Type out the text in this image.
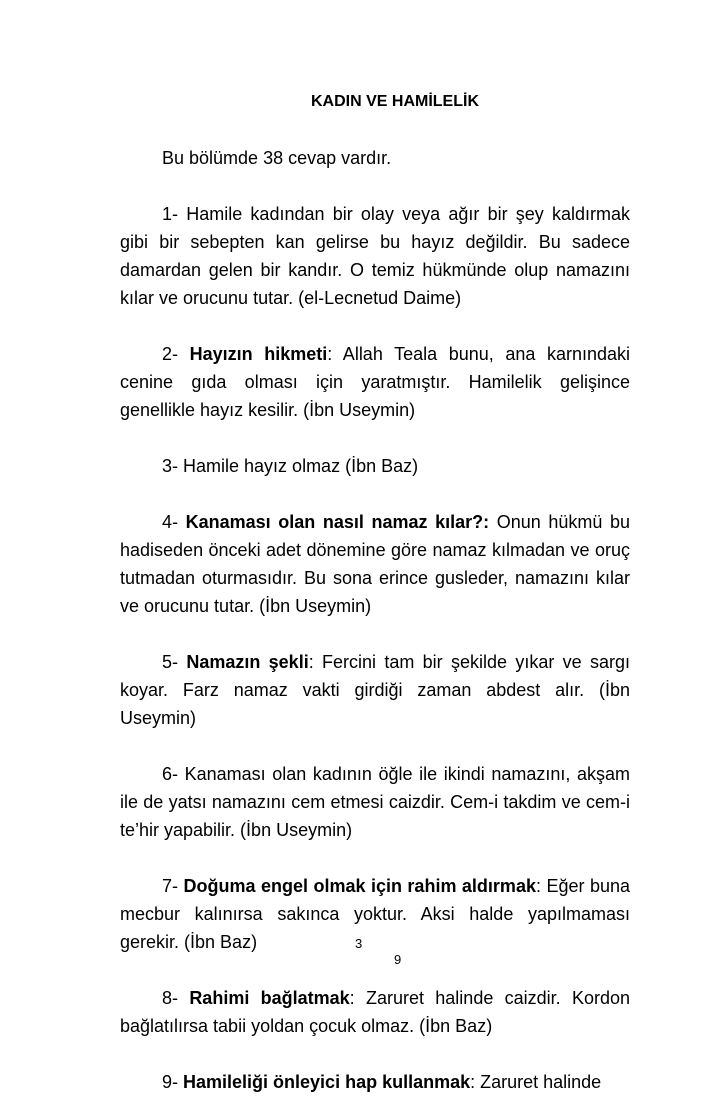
KADIN VE HAMİLELİK

Bu bölümde 38 cevap vardır.

1- Hamile kadından bir olay veya ağır bir şey kaldırmak gibi bir sebepten kan gelirse bu hayız değildir. Bu sadece damardan gelen bir kandır. O temiz hükmünde olup namazını kılar ve orucunu tutar. (el-Lecnetud Daime)

2- Hayızın hikmeti: Allah Teala bunu, ana karnındaki cenine gıda olması için yaratmıştır. Hamilelik gelişince genellikle hayız kesilir. (İbn Useymin)

3- Hamile hayız olmaz (İbn Baz)

4- Kanaması olan nasıl namaz kılar?: Onun hükmü bu hadiseden önceki adet dönemine göre namaz kılmadan ve oruç tutmadan oturmasıdır. Bu sona erince gusleder, namazını kılar ve orucunu tutar. (İbn Useymin)

5- Namazın şekli: Fercini tam bir şekilde yıkar ve sargı koyar. Farz namaz vakti girdiği zaman abdest alır. (İbn Useymin)

6- Kanaması olan kadının öğle ile ikindi namazını, akşam ile de yatsı namazını cem etmesi caizdir. Cem-i takdim ve cem-i te’hir yapabilir. (İbn Useymin)

7- Doğuma engel olmak için rahim aldırmak: Eğer buna mecbur kalınırsa sakınca yoktur. Aksi halde yapılmaması gerekir. (İbn Baz)

8- Rahimi bağlatmak: Zaruret halinde caizdir. Kordon bağlatılırsa tabii yoldan çocuk olmaz. (İbn Baz)

9- Hamileliği önleyici hap kullanmak: Zaruret halinde

3
9
